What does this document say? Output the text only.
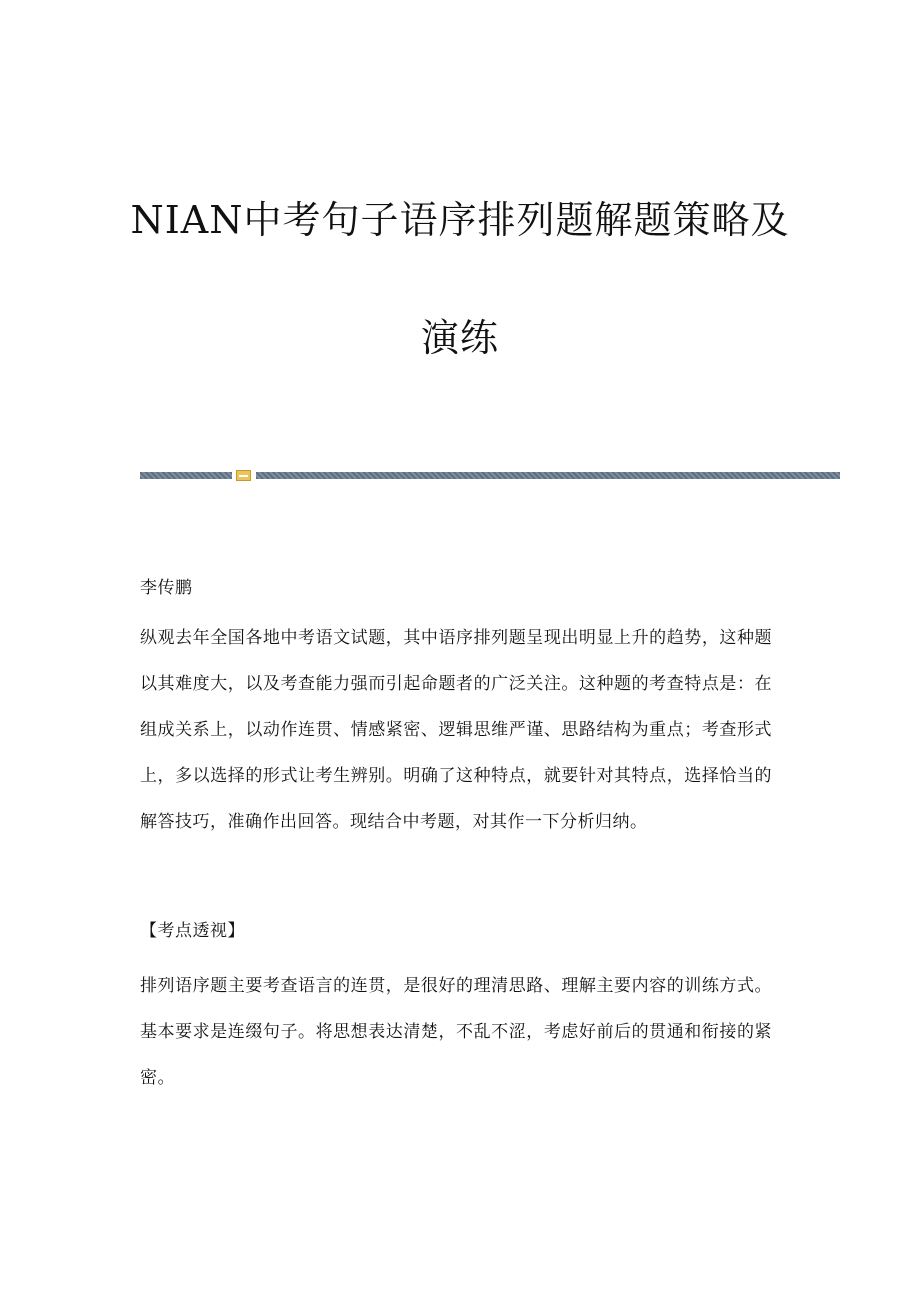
NIAN中考句子语序排列题解题策略及
演练

李传鹏

纵观去年全国各地中考语文试题，其中语序排列题呈现出明显上升的趋势，这种题以其难度大，以及考查能力强而引起命题者的广泛关注。这种题的考查特点是：在组成关系上，以动作连贯、情感紧密、逻辑思维严谨、思路结构为重点；考查形式上，多以选择的形式让考生辨别。明确了这种特点，就要针对其特点，选择恰当的解答技巧，准确作出回答。现结合中考题，对其作一下分析归纳。

【考点透视】

排列语序题主要考查语言的连贯，是很好的理清思路、理解主要内容的训练方式。基本要求是连缀句子。将思想表达清楚，不乱不涩，考虑好前后的贯通和衔接的紧密。
